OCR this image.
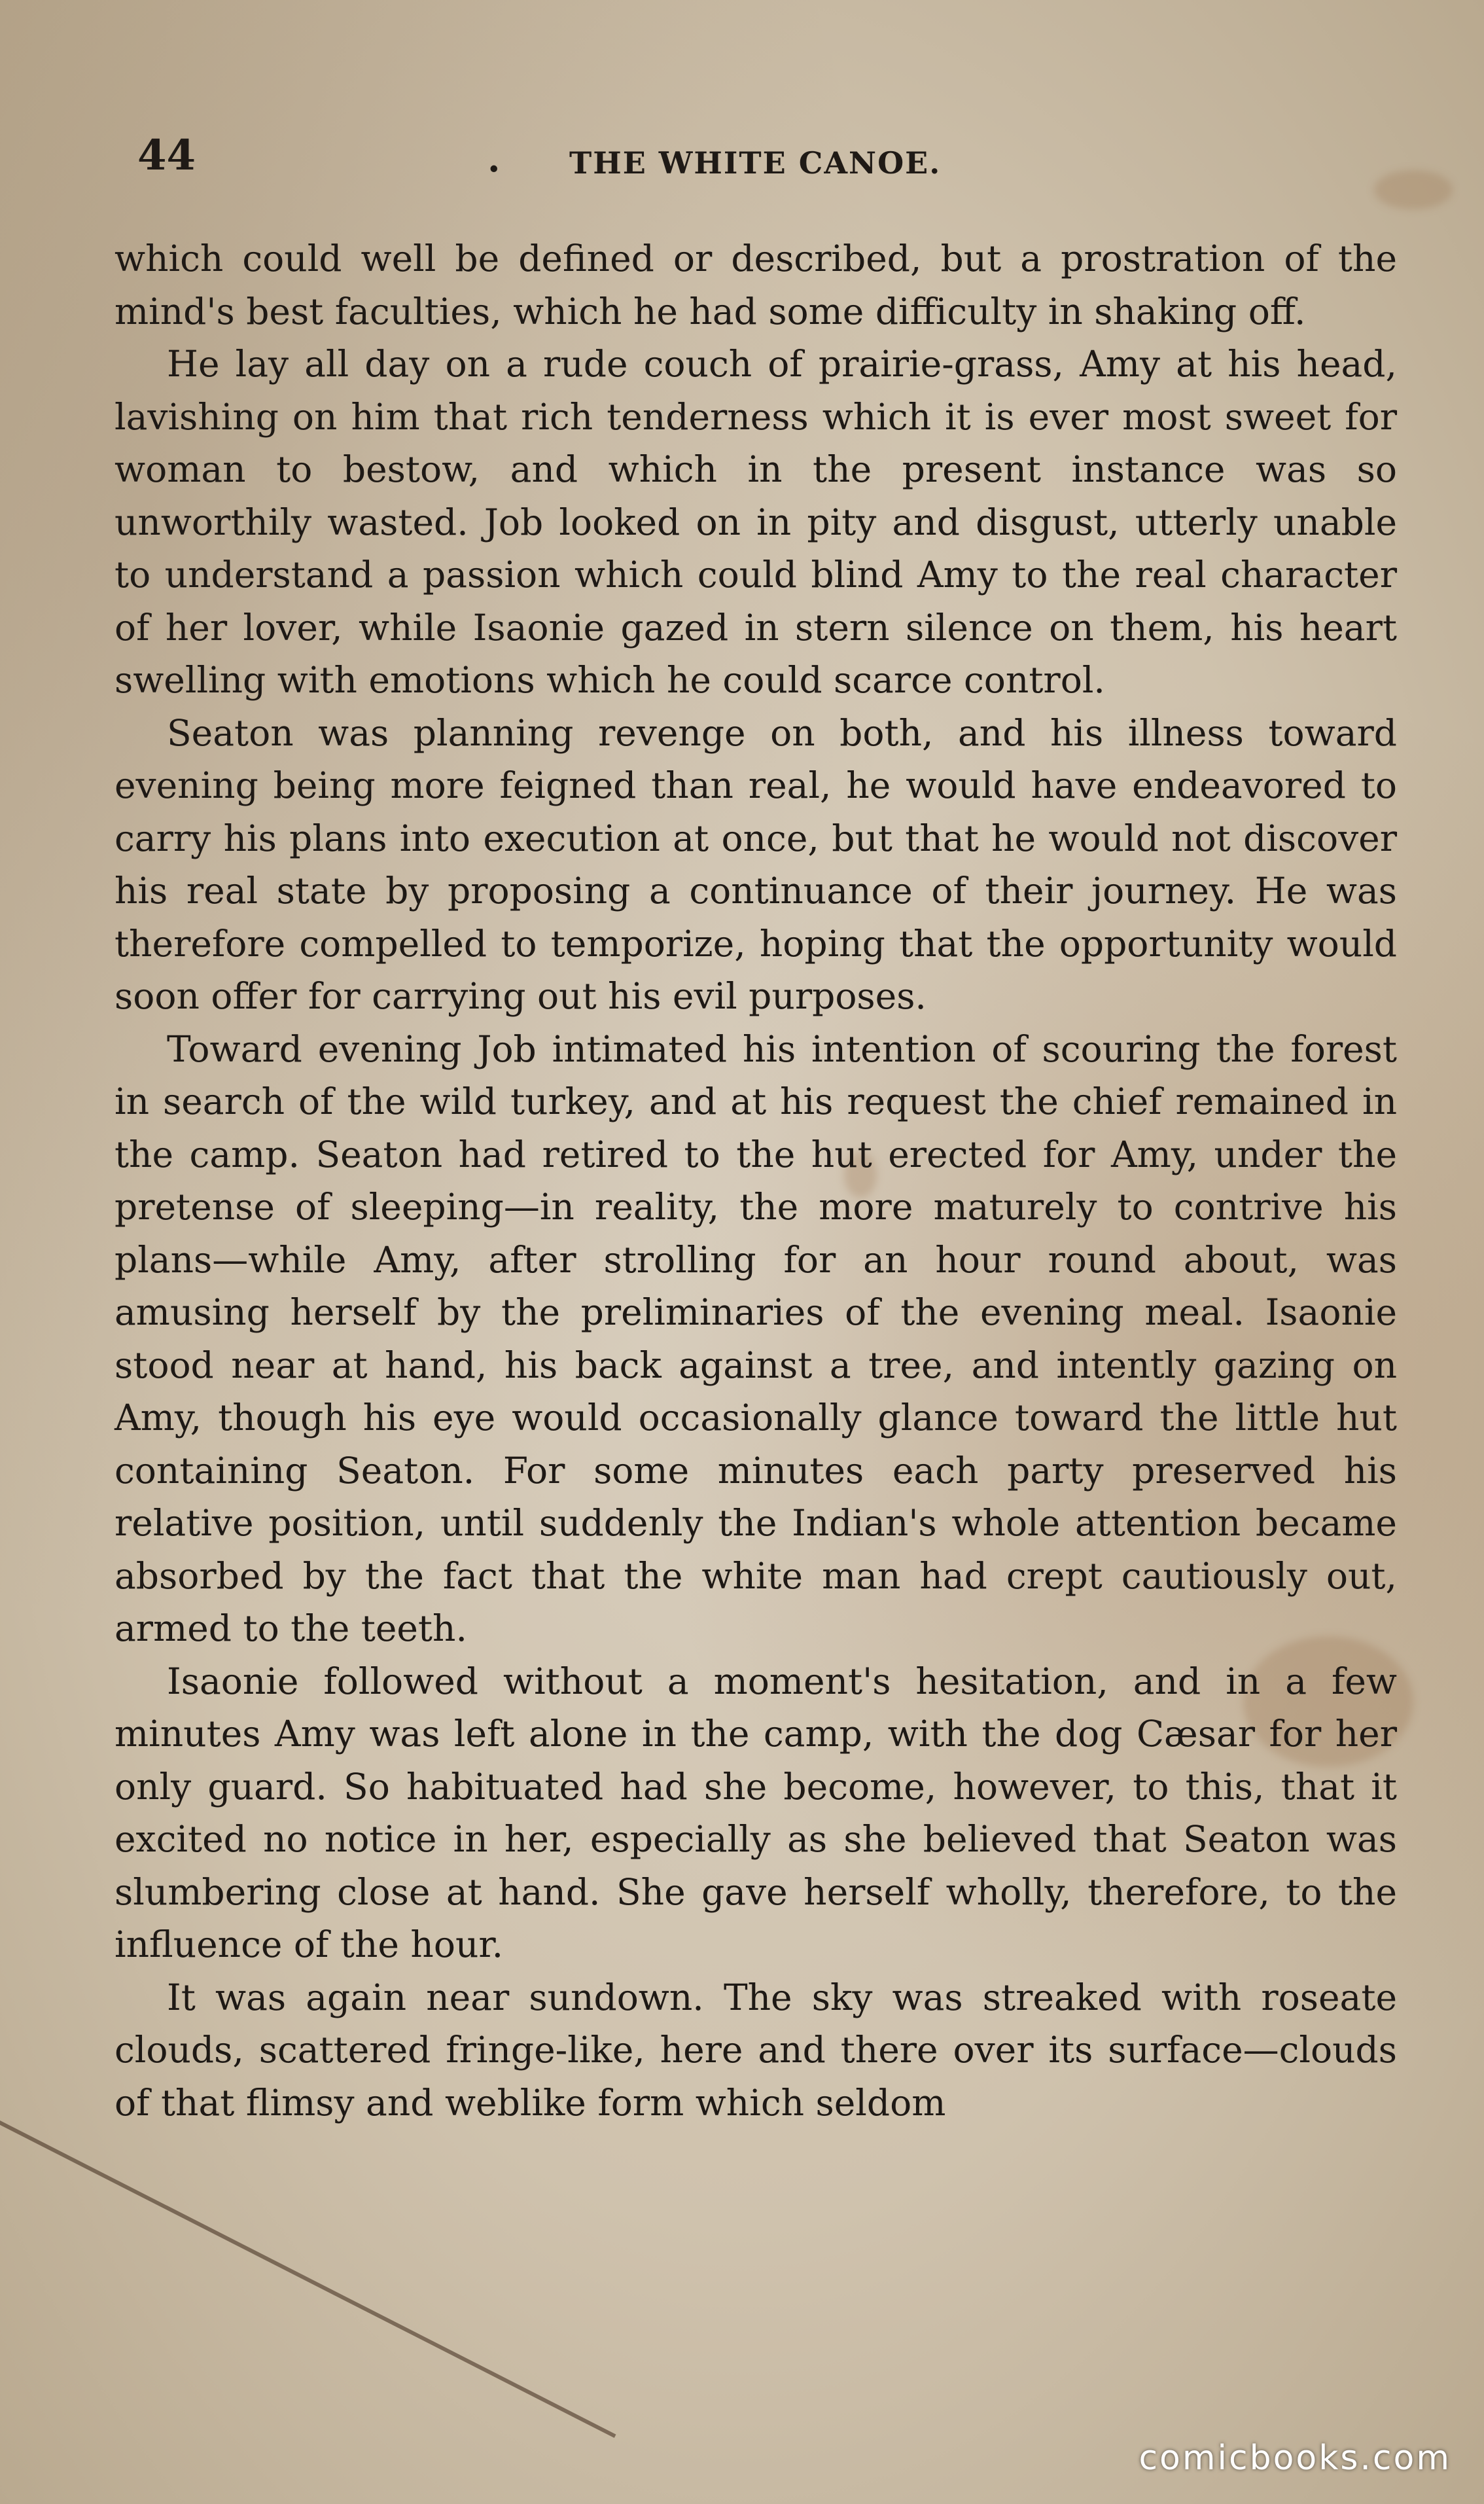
44	. THE WHITE CANOE.

which could well be defined or described, but a prostration of the mind's best faculties, which he had some difficulty in shaking off.

He lay all day on a rude couch of prairie-grass, Amy at his head, lavishing on him that rich tenderness which it is ever most sweet for woman to bestow, and which in the present instance was so unworthily wasted. Job looked on in pity and disgust, utterly unable to understand a passion which could blind Amy to the real character of her lover, while Isaonie gazed in stern silence on them, his heart swelling with emotions which he could scarce control.

Seaton was planning revenge on both, and his illness toward evening being more feigned than real, he would have endeavored to carry his plans into execution at once, but that he would not discover his real state by proposing a continuance of their journey. He was therefore compelled to temporize, hoping that the opportunity would soon offer for carrying out his evil purposes.

Toward evening Job intimated his intention of scouring the forest in search of the wild turkey, and at his request the chief remained in the camp. Seaton had retired to the hut erected for Amy, under the pretense of sleeping—in reality, the more maturely to contrive his plans—while Amy, after strolling for an hour round about, was amusing herself by the preliminaries of the evening meal. Isaonie stood near at hand, his back against a tree, and intently gazing on Amy, though his eye would occasionally glance toward the little hut containing Seaton. For some minutes each party preserved his relative position, until suddenly the Indian's whole attention became absorbed by the fact that the white man had crept cautiously out, armed to the teeth.

Isaonie followed without a moment's hesitation, and in a few minutes Amy was left alone in the camp, with the dog Cæsar for her only guard. So habituated had she become, however, to this, that it excited no notice in her, especially as she believed that Seaton was slumbering close at hand. She gave herself wholly, therefore, to the influence of the hour.

It was again near sundown. The sky was streaked with roseate clouds, scattered fringe-like, here and there over its surface—clouds of that flimsy and weblike form which seldom

comicbooks.com
